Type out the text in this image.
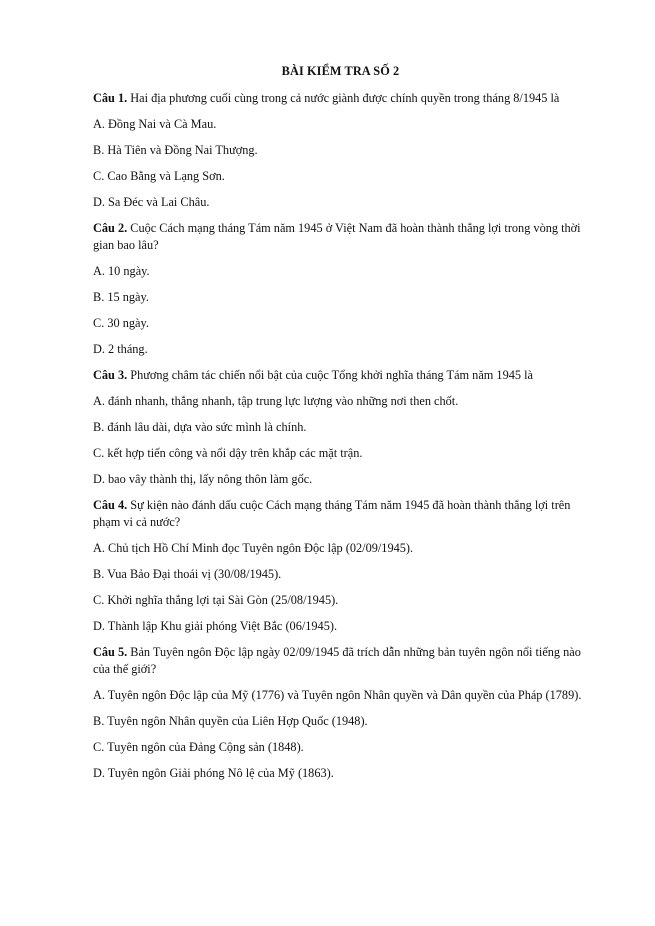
BÀI KIỂM TRA SỐ 2
Câu 1. Hai địa phương cuối cùng trong cả nước giành được chính quyền trong tháng 8/1945 là
A. Đồng Nai và Cà Mau.
B. Hà Tiên và Đồng Nai Thượng.
C. Cao Bằng và Lạng Sơn.
D. Sa Đéc và Lai Châu.
Câu 2. Cuộc Cách mạng tháng Tám năm 1945 ở Việt Nam đã hoàn thành thắng lợi trong vòng thời gian bao lâu?
A. 10 ngày.
B. 15 ngày.
C. 30 ngày.
D. 2 tháng.
Câu 3. Phương châm tác chiến nổi bật của cuộc Tổng khởi nghĩa tháng Tám năm 1945 là
A. đánh nhanh, thắng nhanh, tập trung lực lượng vào những nơi then chốt.
B. đánh lâu dài, dựa vào sức mình là chính.
C. kết hợp tiến công và nổi dậy trên khắp các mặt trận.
D. bao vây thành thị, lấy nông thôn làm gốc.
Câu 4. Sự kiện nào đánh dấu cuộc Cách mạng tháng Tám năm 1945 đã hoàn thành thắng lợi trên phạm vi cả nước?
A. Chủ tịch Hồ Chí Minh đọc Tuyên ngôn Độc lập (02/09/1945).
B. Vua Bảo Đại thoái vị (30/08/1945).
C. Khởi nghĩa thắng lợi tại Sài Gòn (25/08/1945).
D. Thành lập Khu giải phóng Việt Bắc (06/1945).
Câu 5. Bản Tuyên ngôn Độc lập ngày 02/09/1945 đã trích dẫn những bản tuyên ngôn nổi tiếng nào của thế giới?
A. Tuyên ngôn Độc lập của Mỹ (1776) và Tuyên ngôn Nhân quyền và Dân quyền của Pháp (1789).
B. Tuyên ngôn Nhân quyền của Liên Hợp Quốc (1948).
C. Tuyên ngôn của Đảng Cộng sản (1848).
D. Tuyên ngôn Giải phóng Nô lệ của Mỹ (1863).
